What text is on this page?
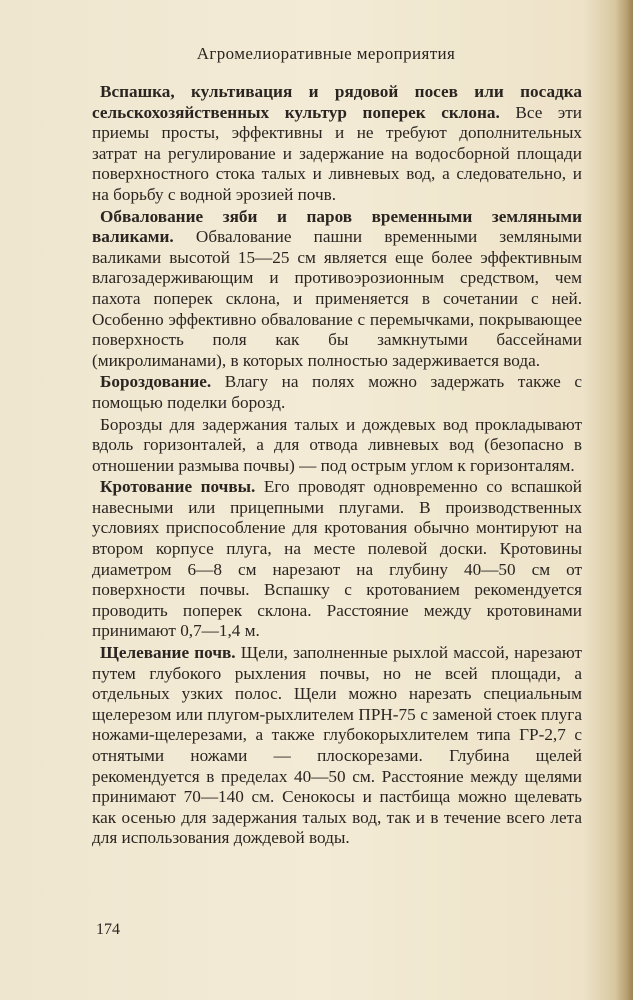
Агромелиоративные мероприятия

Вспашка, культивация и рядовой посев или посадка сельскохозяйственных культур поперек склона. Все эти приемы просты, эффективны и не требуют дополнительных затрат на регулирование и задержание на водосборной площади поверхностного стока талых и ливневых вод, а следовательно, и на борьбу с водной эрозией почв.

Обвалование зяби и паров временными земляными валиками. Обвалование пашни временными земляными валиками высотой 15—25 см является еще более эффективным влагозадерживающим и противоэрозионным средством, чем пахота поперек склона, и применяется в сочетании с ней. Особенно эффективно обвалование с перемычками, покрывающее поверхность поля как бы замкнутыми бассейнами (микролиманами), в которых полностью задерживается вода.

Бороздование. Влагу на полях можно задержать также с помощью поделки борозд.

Борозды для задержания талых и дождевых вод прокладывают вдоль горизонталей, а для отвода ливневых вод (безопасно в отношении размыва почвы) — под острым углом к горизонталям.

Кротование почвы. Его проводят одновременно со вспашкой навесными или прицепными плугами. В производственных условиях приспособление для кротования обычно монтируют на втором корпусе плуга, на месте полевой доски. Кротовины диаметром 6—8 см нарезают на глубину 40—50 см от поверхности почвы. Вспашку с кротованием рекомендуется проводить поперек склона. Расстояние между кротовинами принимают 0,7—1,4 м.

Щелевание почв. Щели, заполненные рыхлой массой, нарезают путем глубокого рыхления почвы, но не всей площади, а отдельных узких полос. Щели можно нарезать специальным щелерезом или плугом-рыхлителем ПРН-75 с заменой стоек плуга ножами-щелерезами, а также глубокорыхлителем типа ГР-2,7 с отнятыми ножами — плоскорезами. Глубина щелей рекомендуется в пределах 40—50 см. Расстояние между щелями принимают 70—140 см. Сенокосы и пастбища можно щелевать как осенью для задержания талых вод, так и в течение всего лета для использования дождевой воды.

174
